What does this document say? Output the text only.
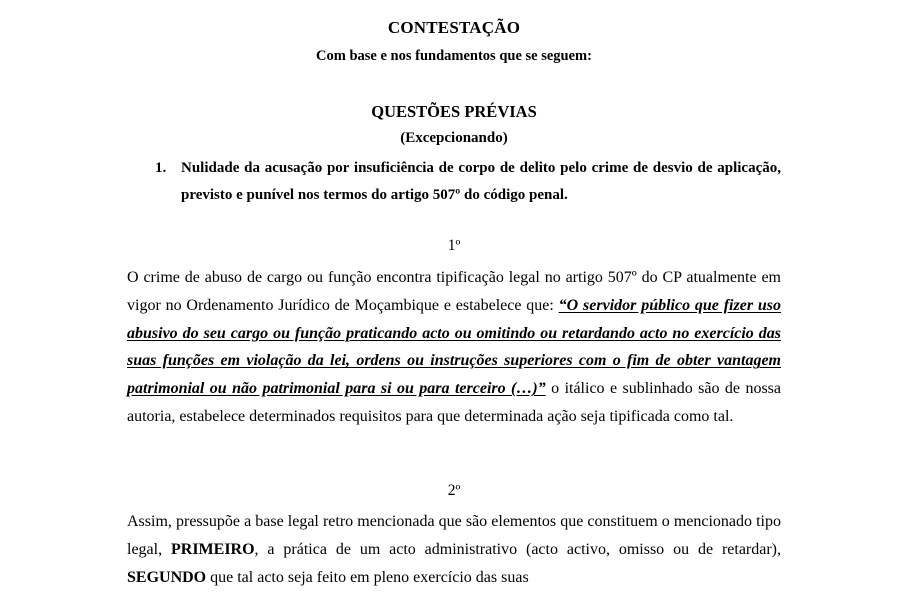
CONTESTAÇÃO
Com base e nos fundamentos que se seguem:
QUESTÕES PRÉVIAS
(Excepcionando)
1. Nulidade da acusação por insuficiência de corpo de delito pelo crime de desvio de aplicação, previsto e punível nos termos do artigo 507º do código penal.
1º
O crime de abuso de cargo ou função encontra tipificação legal no artigo 507º do CP atualmente em vigor no Ordenamento Jurídico de Moçambique e estabelece que: “O servidor público que fizer uso abusivo do seu cargo ou função praticando acto ou omitindo ou retardando acto no exercício das suas funções em violação da lei, ordens ou instruções superiores com o fim de obter vantagem patrimonial ou não patrimonial para si ou para terceiro (…)” o itálico e sublinhado são de nossa autoria, estabelece determinados requisitos para que determinada ação seja tipificada como tal.
2º
Assim, pressupõe a base legal retro mencionada que são elementos que constituem o mencionado tipo legal, PRIMEIRO, a prática de um acto administrativo (acto activo, omisso ou de retardar), SEGUNDO que tal acto seja feito em pleno exercício das suas
